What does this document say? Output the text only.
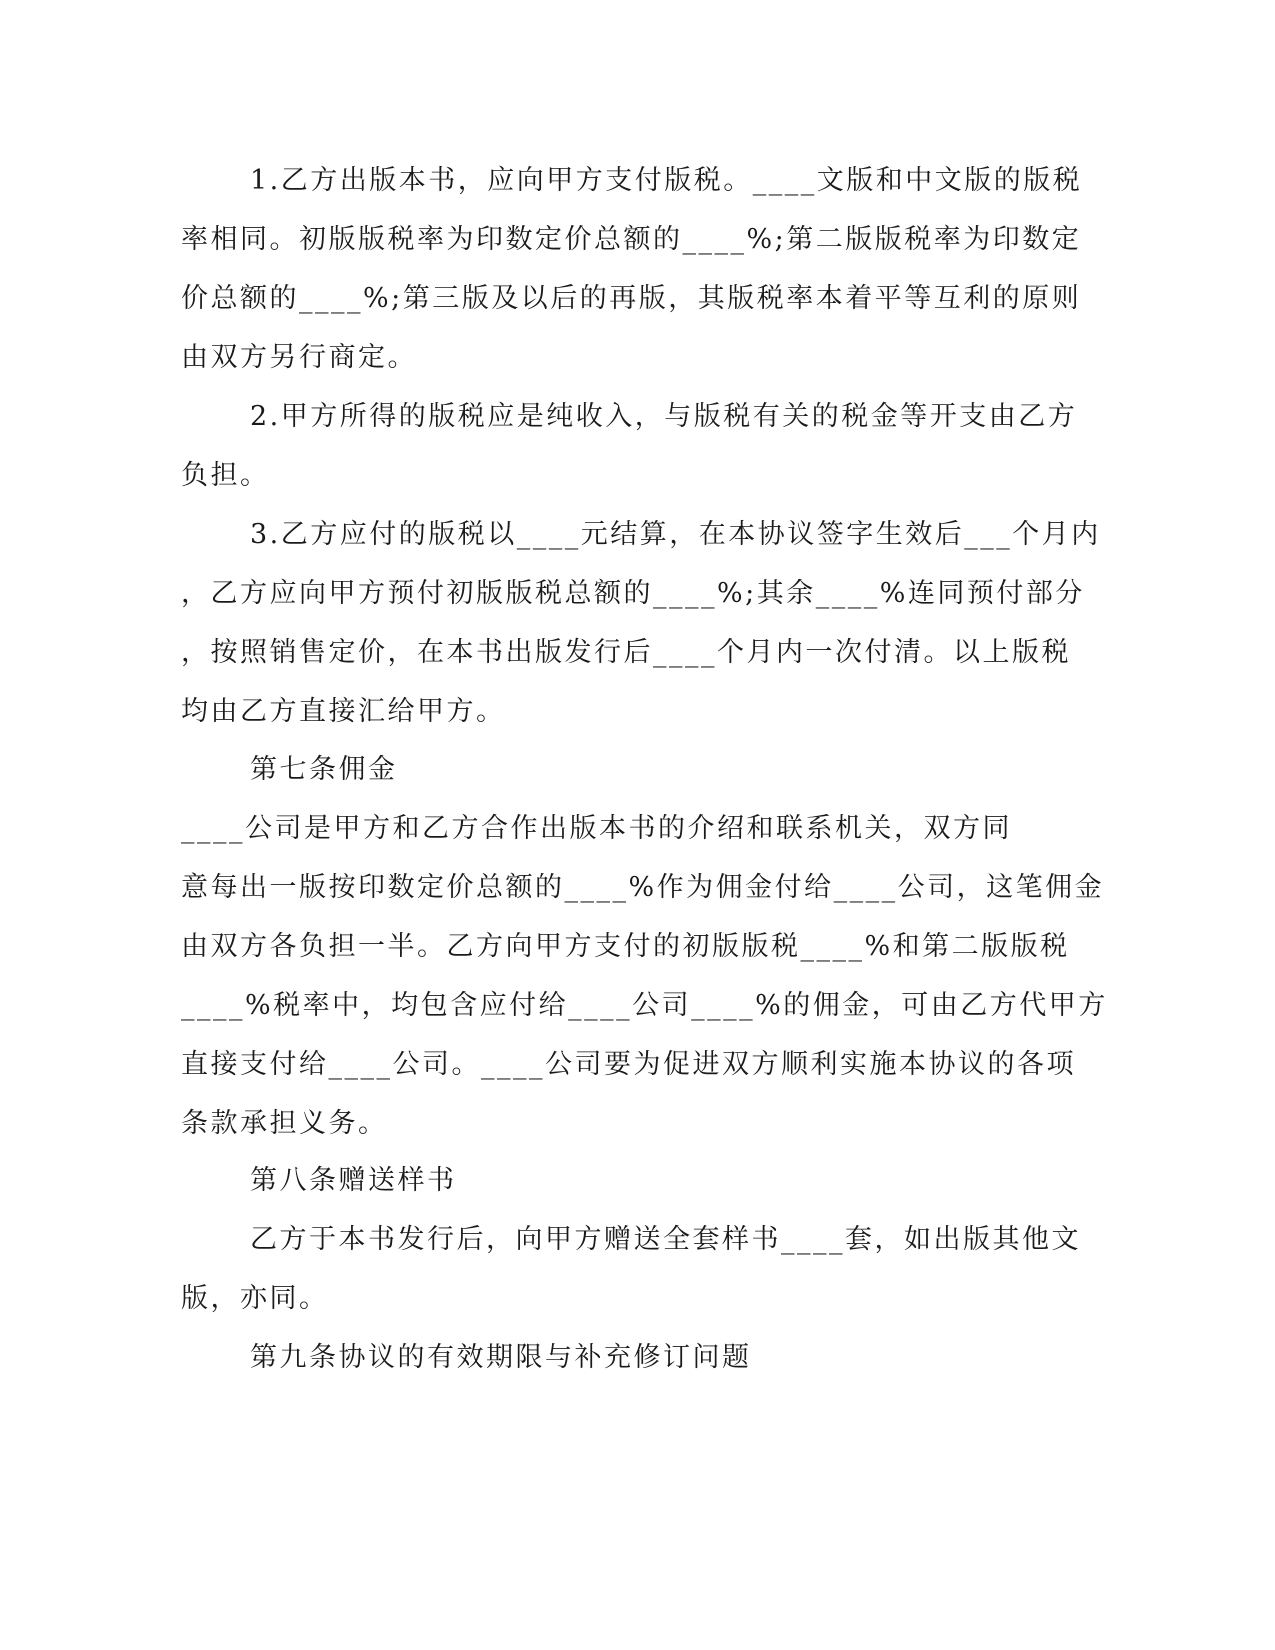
1.乙方出版本书，应向甲方支付版税。____文版和中文版的版税
率相同。初版版税率为印数定价总额的____%;第二版版税率为印数定
价总额的____%;第三版及以后的再版，其版税率本着平等互利的原则
由双方另行商定。
2.甲方所得的版税应是纯收入，与版税有关的税金等开支由乙方
负担。
3.乙方应付的版税以____元结算，在本协议签字生效后___个月内
，乙方应向甲方预付初版版税总额的____%;其余____%连同预付部分
，按照销售定价，在本书出版发行后____个月内一次付清。以上版税
均由乙方直接汇给甲方。
第七条佣金
____公司是甲方和乙方合作出版本书的介绍和联系机关，双方同
意每出一版按印数定价总额的____%作为佣金付给____公司，这笔佣金
由双方各负担一半。乙方向甲方支付的初版版税____%和第二版版税
____%税率中，均包含应付给____公司____%的佣金，可由乙方代甲方
直接支付给____公司。____公司要为促进双方顺利实施本协议的各项
条款承担义务。
第八条赠送样书
乙方于本书发行后，向甲方赠送全套样书____套，如出版其他文
版，亦同。
第九条协议的有效期限与补充修订问题
